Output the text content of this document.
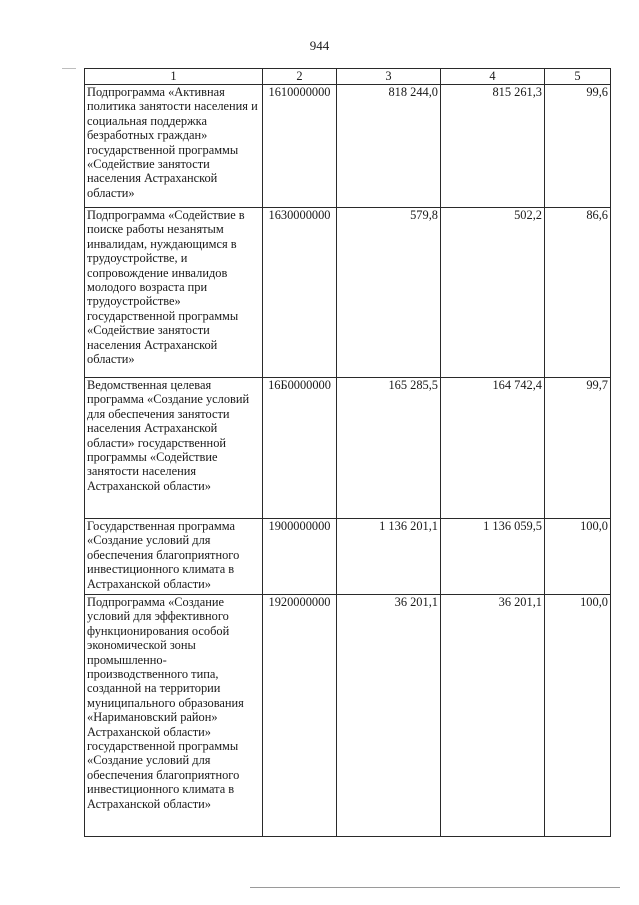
944
1	2	3	4	5
Подпрограмма «Активная политика занятости населения и социальная поддержка безработных граждан» государственной программы «Содействие занятости населения Астраханской области»	1610000000	818 244,0	815 261,3	99,6
Подпрограмма «Содействие в поиске работы незанятым инвалидам, нуждающимся в трудоустройстве, и сопровождение инвалидов молодого возраста при трудоустройстве» государственной программы «Содействие занятости населения Астраханской области»	1630000000	579,8	502,2	86,6
Ведомственная целевая программа «Создание условий для обеспечения занятости населения Астраханской области» государственной программы «Содействие занятости населения Астраханской области»	16Б0000000	165 285,5	164 742,4	99,7
Государственная программа «Создание условий для обеспечения благоприятного инвестиционного климата в Астраханской области»	1900000000	1 136 201,1	1 136 059,5	100,0
Подпрограмма «Создание условий для эффективного функционирования особой экономической зоны промышленно-производственного типа, созданной на территории муниципального образования «Наримановский район» Астраханской области» государственной программы «Создание условий для обеспечения благоприятного инвестиционного климата в Астраханской области»	1920000000	36 201,1	36 201,1	100,0
